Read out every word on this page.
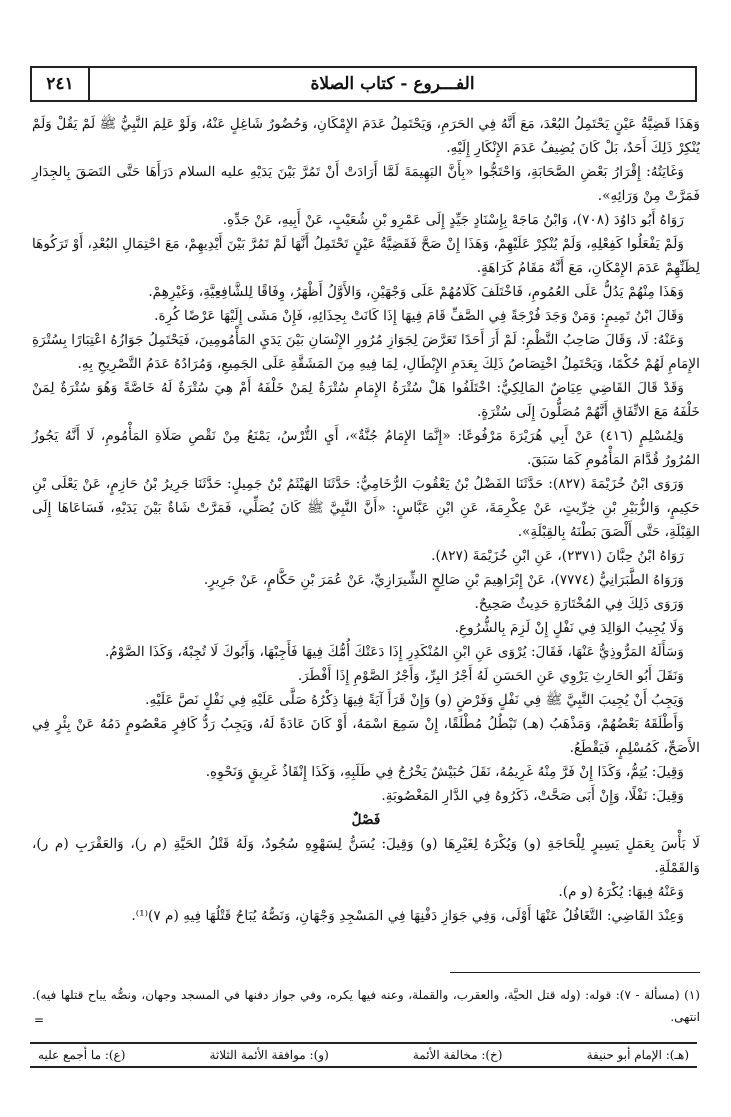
٢٤١	الفـــروع - كتاب الصلاة

وَهَذَا قَضِيَّةُ عَيْنٍ يَحْتَمِلُ البُعْدَ، مَعَ أَنَّهُ فِي الحَرَمِ، وَيَحْتَمِلُ عَدَمَ الإِمْكَانِ، وَحُضُورُ شَاغِلٍ عَنْهُ، وَلَوْ عَلِمَ النَّبِيُّ ﷺ لَمْ يَقُلْ وَلَمْ يُنْكِرْ ذَلِكَ أَحَدٌ، بَلْ كَانَ يُضِيفُ عَدَمَ الإِنْكَارِ إِلَيْهِ.

وَغَايَتُهُ: إِقْرَارُ بَعْضِ الصَّحَابَةِ، وَاحْتَجُّوا «بِأَنَّ البَهِيمَةَ لَمَّا أَرَادَتْ أَنْ تَمُرَّ بَيْنَ يَدَيْهِ عليه السلام دَرَأَهَا حَتَّى التَصَقَ بِالجِدَارِ فَمَرَّتْ مِنْ وَرَائِهِ».

رَوَاهُ أَبُو دَاوُدَ (٧٠٨)، وَابْنُ مَاجَهْ بِإِسْنَادٍ جَيِّدٍ إِلَى عَمْرِو بْنِ شُعَيْبٍ، عَنْ أَبِيهِ، عَنْ جَدِّهِ.

وَلَمْ يَفْعَلُوا كَفِعْلِهِ، وَلَمْ يُنْكِرْ عَلَيْهِمْ، وَهَذَا إِنْ صَحَّ فَقَضِيَّةُ عَيْنٍ تَحْتَمِلُ أَنَّهَا لَمْ تَمُرَّ بَيْنَ أَيْدِيهِمْ، مَعَ احْتِمَالِ البُعْدِ، أَوْ تَرَكُوهَا لِظَنِّهِمْ عَدَمَ الإِمْكَانِ، مَعَ أَنَّهُ مَقَامُ كَرَاهَةٍ.

وَهَذَا مِنْهُمْ يَدُلُّ عَلَى العُمُومِ، فَاخْتَلَفَ كَلَامُهُمْ عَلَى وَجْهَيْنِ، وَالأَوَّلُ أَظْهَرُ، وِفَاقًا لِلشَّافِعِيَّةِ، وَغَيْرِهِمْ.

وَقَالَ ابْنُ تَمِيمٍ: وَمَنْ وَجَدَ فُرْجَةً فِي الصَّفِّ قَامَ فِيهَا إِذَا كَانَتْ بِحِذَائِهِ، فَإِنْ مَشَى إِلَيْهَا عَرْضًا كُرِهَ.

وَعَنْهُ: لَا، وَقَالَ صَاحِبُ النَّظْمِ: لَمْ أَرَ أَحَدًا تَعَرَّضَ لِجَوَازِ مُرُورِ الإِنْسَانِ بَيْنَ يَدَيِ المَأْمُومِينَ، فَيَحْتَمِلُ جَوَازُهُ اعْتِبَارًا بِسُتْرَةِ الإِمَامِ لَهُمْ حُكْمًا، وَيَحْتَمِلُ اخْتِصَاصُ ذَلِكَ بِعَدَمِ الإِبْطَالِ، لِمَا فِيهِ مِنَ المَشَقَّةِ عَلَى الجَمِيعِ، وَمُرَادُهُ عَدَمُ التَّصْرِيحِ بِهِ.

وَقَدْ قَالَ القَاضِي عِيَاضٌ المَالِكِيُّ: اخْتَلَفُوا هَلْ سُتْرَةُ الإِمَامِ سُتْرَةٌ لِمَنْ خَلْفَهُ أَمْ هِيَ سُتْرَةٌ لَهُ خَاصَّةً وَهُوَ سُتْرَةٌ لِمَنْ خَلْفَهُ مَعَ الاتِّفَاقِ أَنَّهُمْ مُصَلُّونَ إِلَى سُتْرَةٍ.

وَلِمُسْلِمٍ (٤١٦) عَنْ أَبِي هُرَيْرَةَ مَرْفُوعًا: «إِنَّمَا الإِمَامُ جُنَّةٌ»، أَيِ التُّرْسُ، يَمْنَعُ مِنْ نَقْصِ صَلَاةِ المَأْمُومِ، لَا أَنَّهُ يَجُوزُ المُرُورُ قُدَّامَ المَأْمُومِ كَمَا سَبَقَ.

وَرَوَى ابْنُ خُزَيْمَةَ (٨٢٧): حَدَّثَنَا الفَضْلُ بْنُ يَعْقُوبَ الرُّخَامِيُّ: حَدَّثَنَا الهَيْثَمُ بْنُ جَمِيلٍ: حَدَّثَنَا جَرِيرُ بْنُ حَازِمٍ، عَنْ يَعْلَى بْنِ حَكِيمٍ، وَالزُّبَيْرِ بْنِ خِرِّيتٍ، عَنْ عِكْرِمَةَ، عَنِ ابْنِ عَبَّاسٍ: «أَنَّ النَّبِيَّ ﷺ كَانَ يُصَلِّي، فَمَرَّتْ شَاةٌ بَيْنَ يَدَيْهِ، فَسَاعَاهَا إِلَى القِبْلَةِ، حَتَّى أَلْصَقَ بَطْنَهُ بِالقِبْلَةِ».

رَوَاهُ ابْنُ حِبَّانَ (٢٣٧١)، عَنِ ابْنِ خُزَيْمَةَ (٨٢٧).

وَرَوَاهُ الطَّبَرَانِيُّ (٧٧٧٤)، عَنْ إِبْرَاهِيمَ بْنِ صَالِحٍ الشِّيرَازِيِّ، عَنْ عُمَرَ بْنِ حَكَّامٍ، عَنْ جَرِيرٍ.

وَرَوَى ذَلِكَ فِي المُخْتَارَةِ حَدِيثٌ صَحِيحٌ.

وَلَا يُجِيبُ الوَالِدَ فِي نَفْلٍ إِنْ لَزِمَ بِالشُّرُوعِ.

وَسَأَلَهُ المَرُّوذِيُّ عَنْهَا، فَقَالَ: يُرْوَى عَنِ ابْنِ المُنْكَدِرِ إِذَا دَعَتْكَ أُمُّكَ فِيهَا فَأَجِبْهَا، وَأَبُوكَ لَا تُجِبْهُ، وَكَذَا الصَّوْمُ.

وَنَقَلَ أَبُو الحَارِثِ يَرْوِي عَنِ الحَسَنِ لَهُ أَجْرُ البِرِّ، وَأَجْرُ الصَّوْمِ إِذَا أَفْطَرَ.

وَيَجِبُ أَنْ يُجِيبَ النَّبِيَّ ﷺ فِي نَفْلٍ وَفَرْضٍ (و) وَإِنْ قَرَأَ آيَةً فِيهَا ذِكْرُهُ صَلَّى عَلَيْهِ فِي نَفْلٍ نَصَّ عَلَيْهِ.

وَأَطْلَقَهُ بَعْضُهُمْ، وَمَذْهَبُ (هـ) تَبْطُلُ مُطْلَقًا، إِنْ سَمِعَ اسْمَهُ، أَوْ كَانَ عَادَةً لَهُ، وَيَجِبُ رَدُّ كَافِرٍ مَعْصُومٍ دَمُهُ عَنْ بِئْرٍ فِي الأَصَحِّ، كَمُسْلِمٍ، فَيَقْطَعُ.

وَقِيلَ: يُتِمُّ، وَكَذَا إِنْ فَرَّ مِنْهُ غَرِيمُهُ، نَقَلَ حُبَيْشٌ يَخْرُجُ فِي طَلَبِهِ، وَكَذَا إِنْقَاذُ غَرِيقٍ وَنَحْوِهِ.

وَقِيلَ: نَفْلًا، وَإِنْ أَبَى صَحَّتْ، ذَكَرُوهُ فِي الدَّارِ المَغْصُوبَةِ.

فَصْلٌ

لَا بَأْسَ بِعَمَلٍ يَسِيرٍ لِلْحَاجَةِ (و) وَيُكْرَهُ لِغَيْرِهَا (و) وَقِيلَ: يُسَنُّ لِسَهْوِهِ سُجُودٌ، وَلَهُ قَتْلُ الحَيَّةِ (م ر)، وَالعَقْرَبِ (م ر)، وَالقَمْلَةِ.

وَعَنْهُ فِيهَا: يُكْرَهُ (و م).

وَعِنْدَ القَاضِي: التَّغَافُلُ عَنْهَا أَوْلَى، وَفِي جَوَازِ دَفْنِهَا فِي المَسْجِدِ وَجْهَانِ، وَنَصُّهُ يُبَاحُ قَتْلُهَا فِيهِ (م ٧)⁽¹⁾.

(١) (مسألة - ٧): قوله: (وله قتل الحيَّة، والعقرب، والقملة، وعنه فيها يكره، وفي جواز دفنها في المسجد وجهان، ونصُّه يباح قتلها فيه). انتهى.

=
(ع): ما أجمع عليه	(و): موافقة الأئمة الثلاثة	(خ): مخالفة الأئمة	(هـ): الإمام أبو حنيفة
